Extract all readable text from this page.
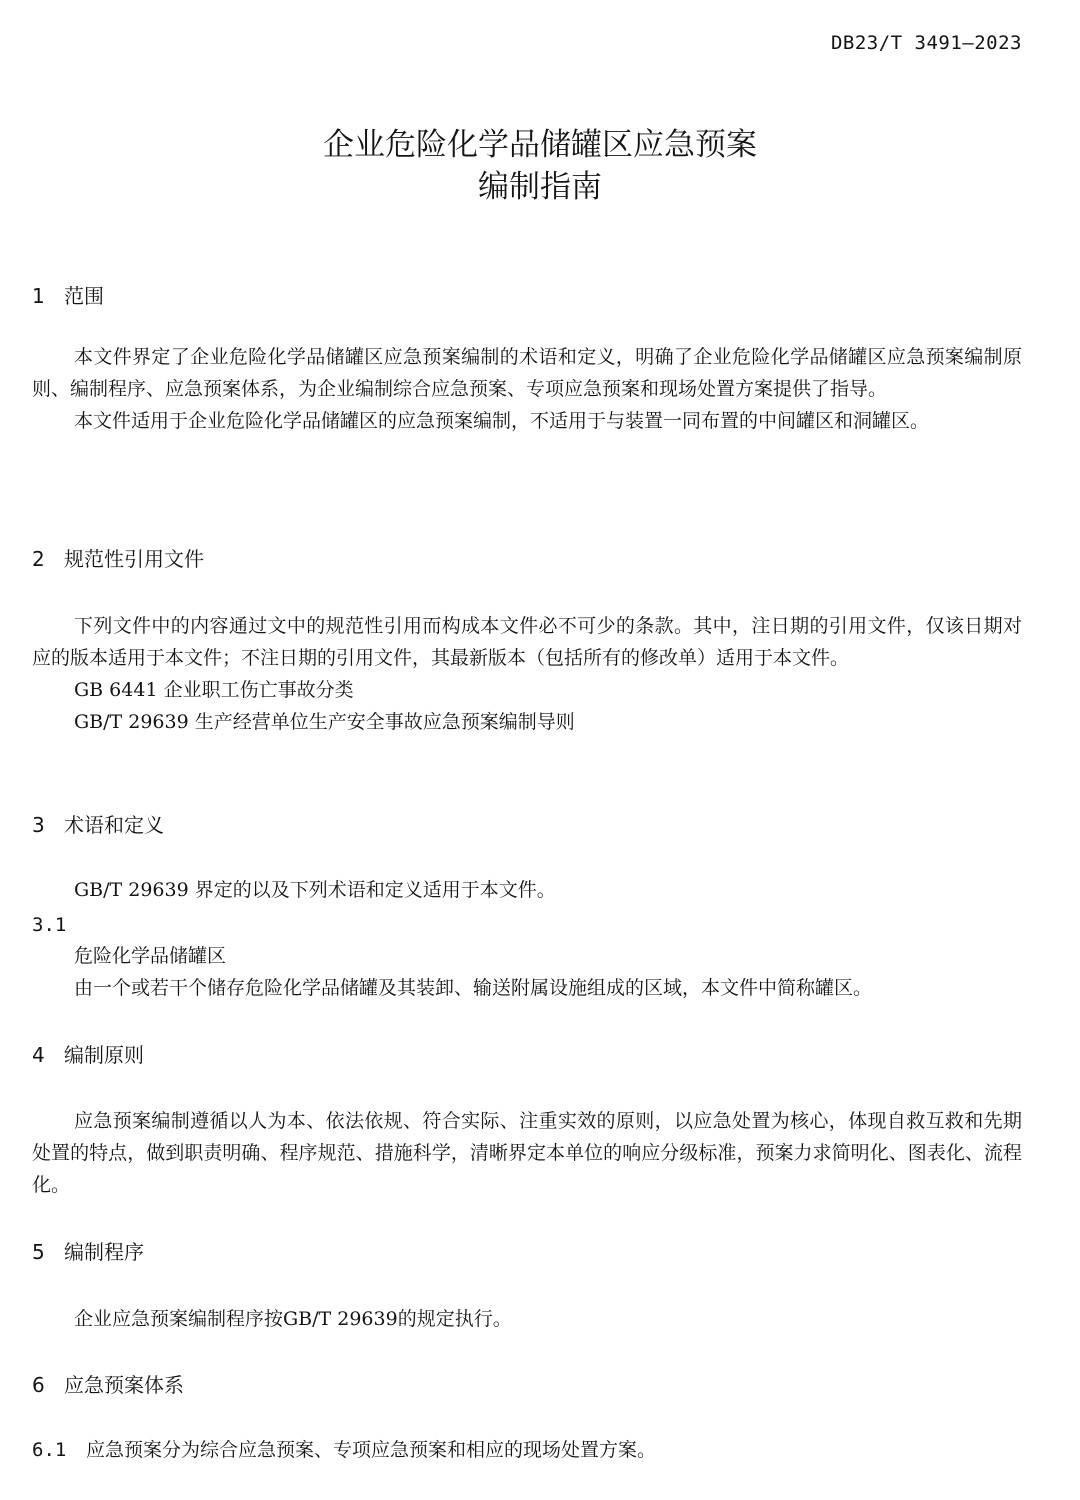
DB23/T 3491—2023
企业危险化学品储罐区应急预案
编制指南
1 范围

本文件界定了企业危险化学品储罐区应急预案编制的术语和定义，明确了企业危险化学品储罐区应急预案编制原则、编制程序、应急预案体系，为企业编制综合应急预案、专项应急预案和现场处置方案提供了指导。

本文件适用于企业危险化学品储罐区的应急预案编制，不适用于与装置一同布置的中间罐区和洞罐区。

2 规范性引用文件

下列文件中的内容通过文中的规范性引用而构成本文件必不可少的条款。其中，注日期的引用文件，仅该日期对应的版本适用于本文件；不注日期的引用文件，其最新版本（包括所有的修改单）适用于本文件。

GB 6441 企业职工伤亡事故分类
GB/T 29639 生产经营单位生产安全事故应急预案编制导则
3 术语和定义

GB/T 29639 界定的以及下列术语和定义适用于本文件。

3.1
危险化学品储罐区
由一个或若干个储存危险化学品储罐及其装卸、输送附属设施组成的区域，本文件中简称罐区。
4 编制原则

应急预案编制遵循以人为本、依法依规、符合实际、注重实效的原则，以应急处置为核心，体现自救互救和先期处置的特点，做到职责明确、程序规范、措施科学，清晰界定本单位的响应分级标准，预案力求简明化、图表化、流程化。

5 编制程序

企业应急预案编制程序按GB/T 29639的规定执行。

6 应急预案体系
6.1 应急预案分为综合应急预案、专项应急预案和相应的现场处置方案。
